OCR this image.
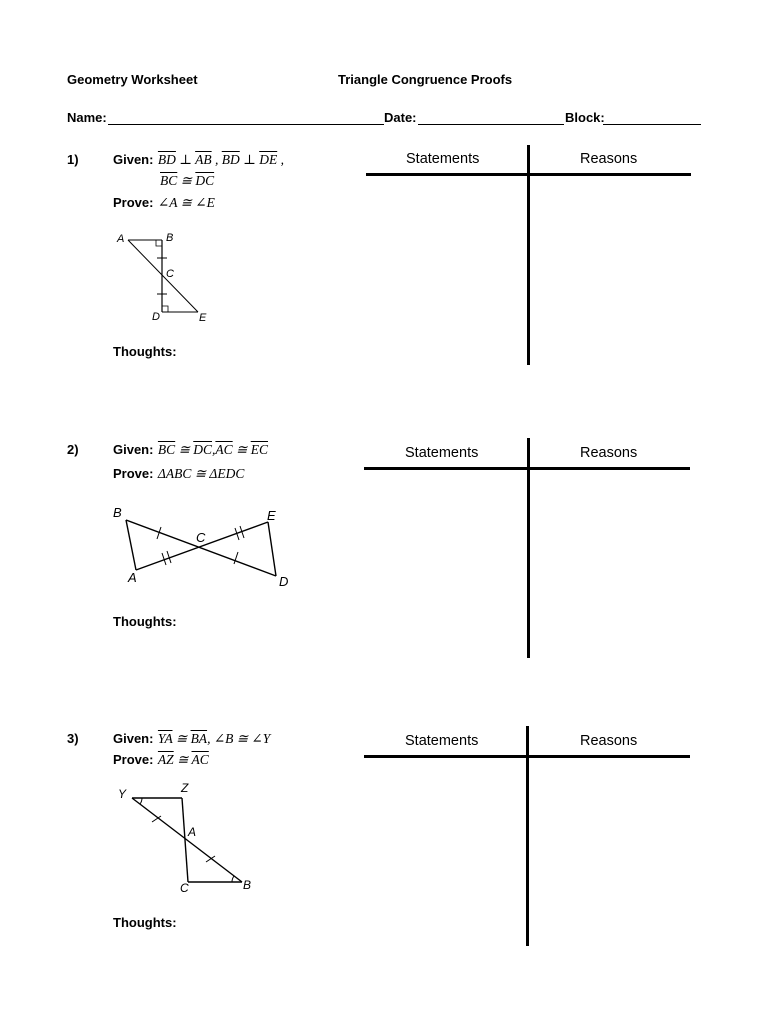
Geometry Worksheet	Triangle Congruence Proofs
Name:	Date:	Block:
1)	Given: $\overline{BD}$ ⊥ $\overline{AB}$ , $\overline{BD}$ ⊥ $\overline{DE}$ ,
$\overline{BC}$ ≅ $\overline{DC}$
Prove: ∠A ≅ ∠E
A	B
C
D	E
Thoughts:
Statements	Reasons
2)	Given: $\overline{BC}$ ≅ $\overline{DC},\overline{AC}$ ≅ $\overline{EC}$
Prove: ΔABC ≅ ΔEDC
B
C
E
A	D
Thoughts:
Statements	Reasons
3)	Given: $\overline{YA}$ ≅ $\overline{BA}$, ∠B ≅ ∠Y
Prove: $\overline{AZ}$ ≅ $\overline{AC}$
Y	Z
A
C	B
Thoughts:
Statements	Reasons
